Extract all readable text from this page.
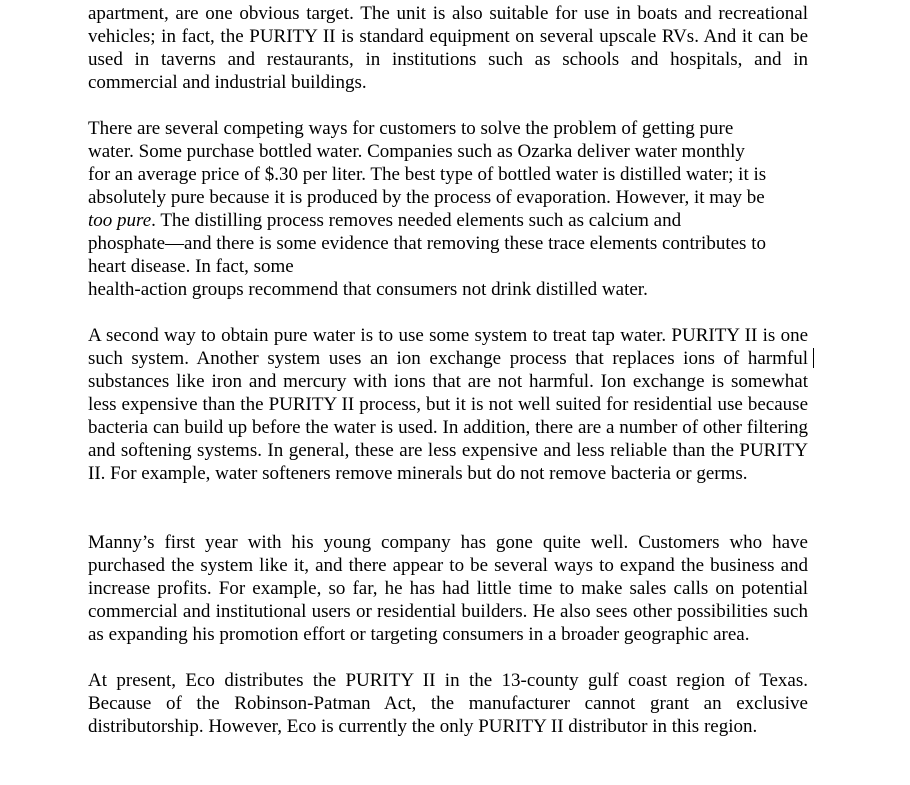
apartment, are one obvious target. The unit is also suitable for use in boats and recreational vehicles; in fact, the PURITY II is standard equipment on several upscale RVs. And it can be used in taverns and restaurants, in institutions such as schools and hospitals, and in commercial and industrial buildings.

There are several competing ways for customers to solve the problem of getting pure
water. Some purchase bottled water. Companies such as Ozarka deliver water monthly
for an average price of $.30 per liter. The best type of bottled water is distilled water; it is
absolutely pure because it is produced by the process of evaporation. However, it may be
too pure. The distilling process removes needed elements such as calcium and
phosphate—and there is some evidence that removing these trace elements contributes to
heart disease. In fact, some
health-action groups recommend that consumers not drink distilled water.

A second way to obtain pure water is to use some system to treat tap water. PURITY II is one such system. Another system uses an ion exchange process that replaces ions of harmful substances like iron and mercury with ions that are not harmful. Ion exchange is somewhat less expensive than the PURITY II process, but it is not well suited for residential use because bacteria can build up before the water is used. In addition, there are a number of other filtering and softening systems. In general, these are less expensive and less reliable than the PURITY II. For example, water softeners remove minerals but do not remove bacteria or germs.

Manny’s first year with his young company has gone quite well. Customers who have purchased the system like it, and there appear to be several ways to expand the business and increase profits. For example, so far, he has had little time to make sales calls on potential commercial and institutional users or residential builders. He also sees other possibilities such as expanding his promotion effort or targeting consumers in a broader geographic area.

At present, Eco distributes the PURITY II in the 13-county gulf coast region of Texas. Because of the Robinson-Patman Act, the manufacturer cannot grant an exclusive distributorship. However, Eco is currently the only PURITY II distributor in this region.
